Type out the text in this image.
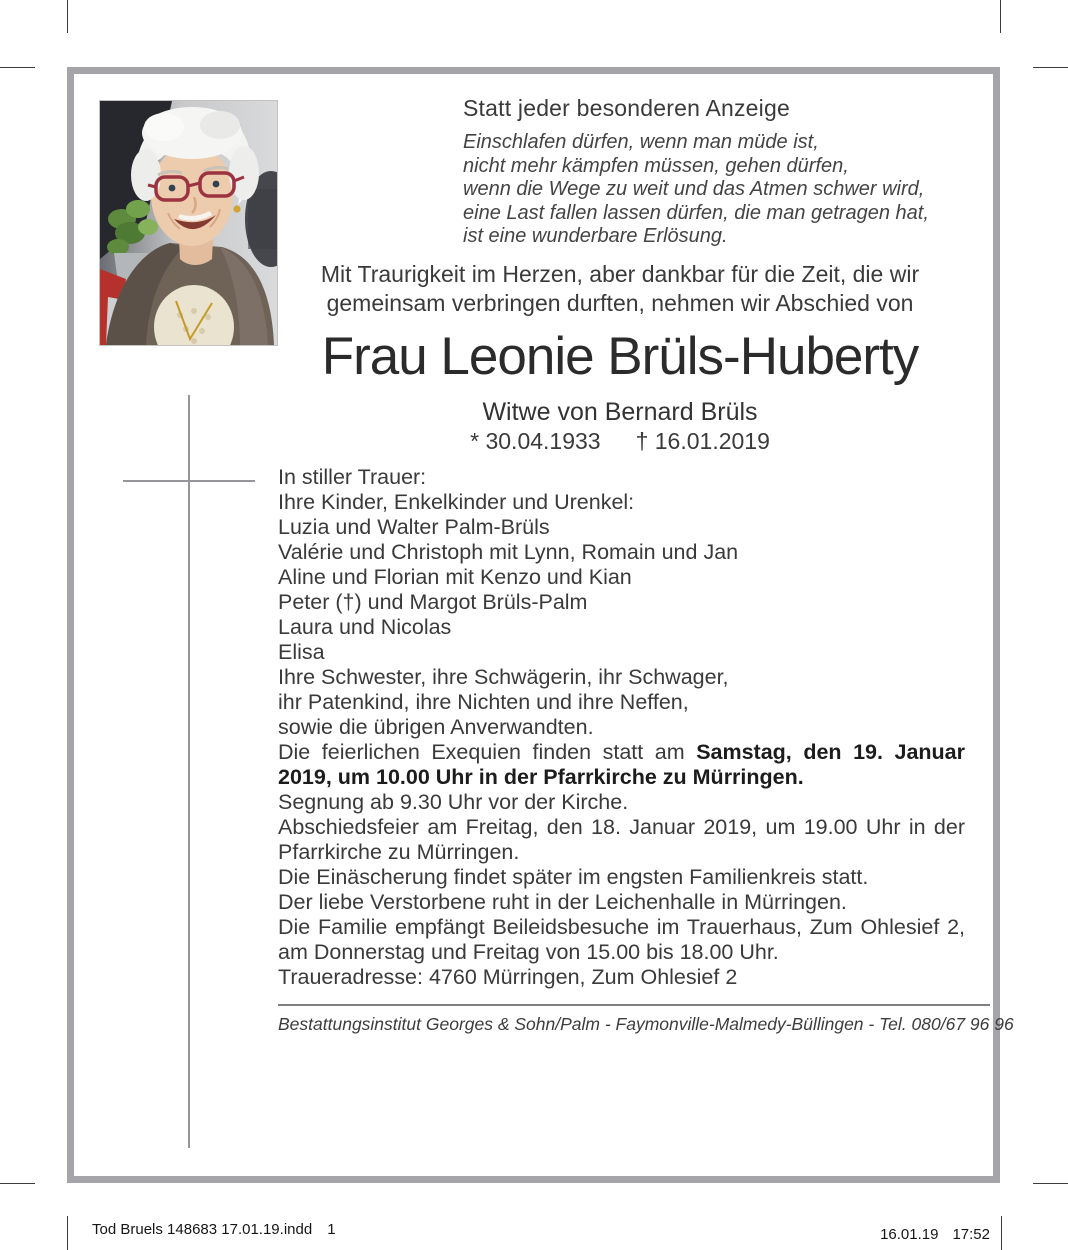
Statt jeder besonderen Anzeige
Einschlafen dürfen, wenn man müde ist,
nicht mehr kämpfen müssen, gehen dürfen,
wenn die Wege zu weit und das Atmen schwer wird,
eine Last fallen lassen dürfen, die man getragen hat,
ist eine wunderbare Erlösung.
Mit Traurigkeit im Herzen, aber dankbar für die Zeit, die wir
gemeinsam verbringen durften, nehmen wir Abschied von
Frau Leonie Brüls-Huberty
Witwe von Bernard Brüls
* 30.04.1933 † 16.01.2019

In stiller Trauer:

Ihre Kinder, Enkelkinder und Urenkel:

Luzia und Walter Palm-Brüls

Valérie und Christoph mit Lynn, Romain und Jan

Aline und Florian mit Kenzo und Kian

Peter (†) und Margot Brüls-Palm

Laura und Nicolas

Elisa

Ihre Schwester, ihre Schwägerin, ihr Schwager,

ihr Patenkind, ihre Nichten und ihre Neffen,

sowie die übrigen Anverwandten.

Die feierlichen Exequien finden statt am Samstag, den 19. Januar 2019, um 10.00 Uhr in der Pfarrkirche zu Mürringen.

Segnung ab 9.30 Uhr vor der Kirche.

Abschiedsfeier am Freitag, den 18. Januar 2019, um 19.00 Uhr in der Pfarrkirche zu Mürringen.

Die Einäscherung findet später im engsten Familienkreis statt.

Der liebe Verstorbene ruht in der Leichenhalle in Mürringen.

Die Familie empfängt Beileidsbesuche im Trauerhaus, Zum Ohlesief 2, am Donnerstag und Freitag von 15.00 bis 18.00 Uhr.

Traueradresse: 4760 Mürringen, Zum Ohlesief 2

Bestattungsinstitut Georges & Sohn/Palm - Faymonville-Malmedy-Büllingen - Tel. 080/67 96 96
Tod Bruels 148683 17.01.19.indd 1	16.01.19 17:52
